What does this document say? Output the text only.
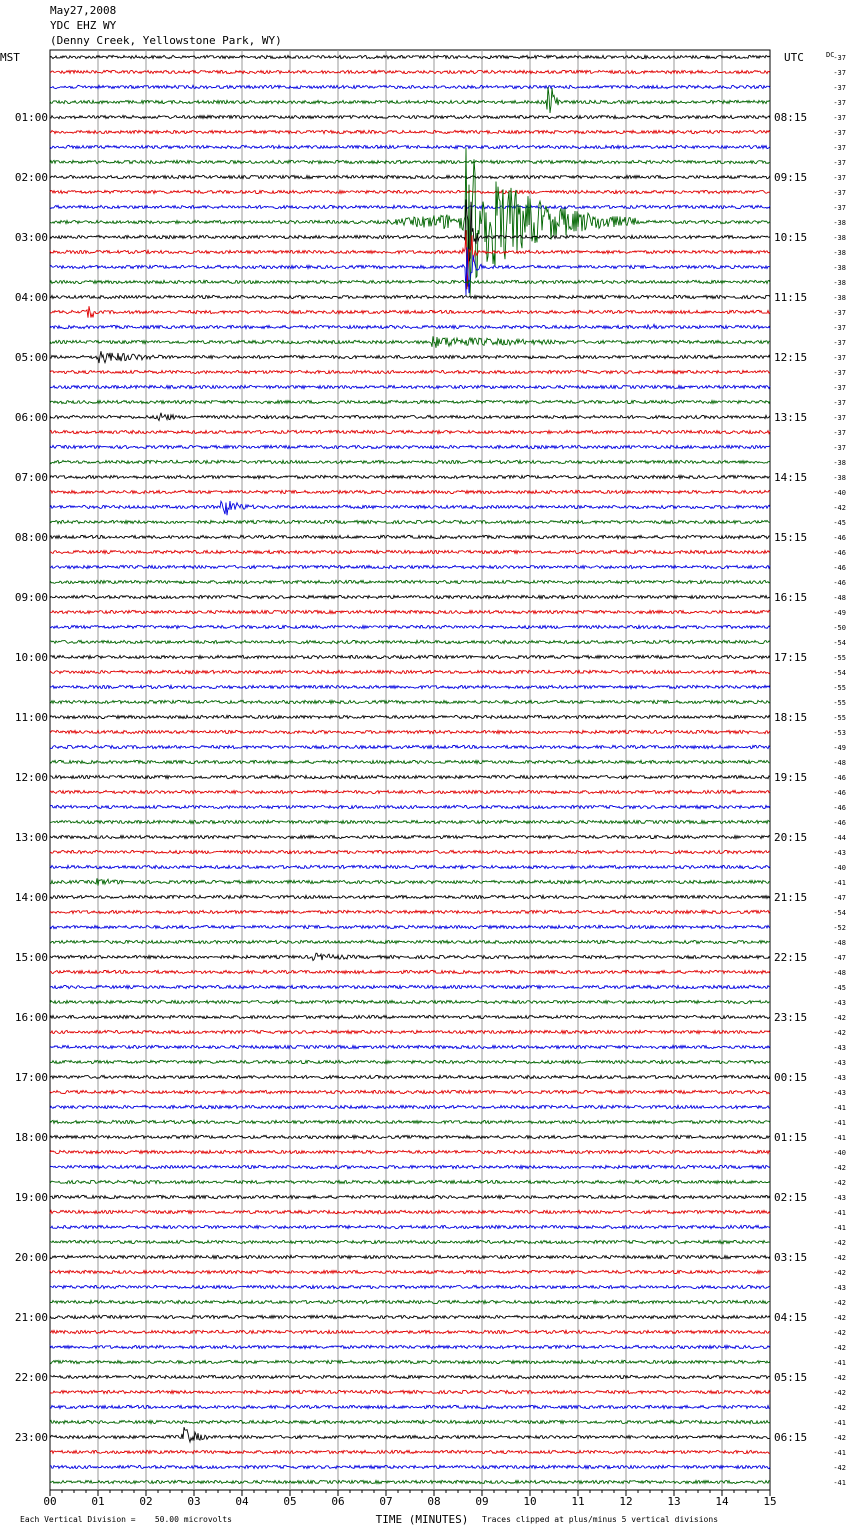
May27,2008
YDC EHZ WY
(Denny Creek, Yellowstone Park, WY)
MST	UTC	DC
-37
-37
-37
-37
-37
01:00	08:15
-37
-37
-37
-37
02:00	09:15
-37
-37
-38
-38
03:00	10:15
-38
-38
-38
-38
04:00	11:15
-37
-37
-37
-37
05:00	12:15
-37
-37
-37
-37
06:00	13:15
-37
-37
-38
-38
07:00	14:15
-40
-42
-45
-46
08:00	15:15
-46
-46
-46
-48
09:00	16:15
-49
-50
-54
-55
10:00	17:15
-54
-55
-55
-55
11:00	18:15
-53
-49
-48
-46
12:00	19:15
-46
-46
-46
-44
13:00	20:15
-43
-40
-41
-47
14:00	21:15
-54
-52
-48
-47
15:00	22:15
-48
-45
-43
-42
16:00	23:15
-42
-43
-43
-43
17:00	00:15
-43
-41
-41
-41
18:00	01:15
-40
-42
-42
-43
19:00	02:15
-41
-41
-42
-42
20:00	03:15
-42
-43
-42
-42
21:00	04:15
-42
-42
-41
-42
22:00	05:15
-42
-42
-41
-42
23:00	06:15
-41
-42
-41
00	01	02	03	04	05	06	07	08	09	10	11	12	13	14	15
TIME (MINUTES)
Each Vertical Division =    50.00 microvolts	Traces clipped at plus/minus 5 vertical divisions
